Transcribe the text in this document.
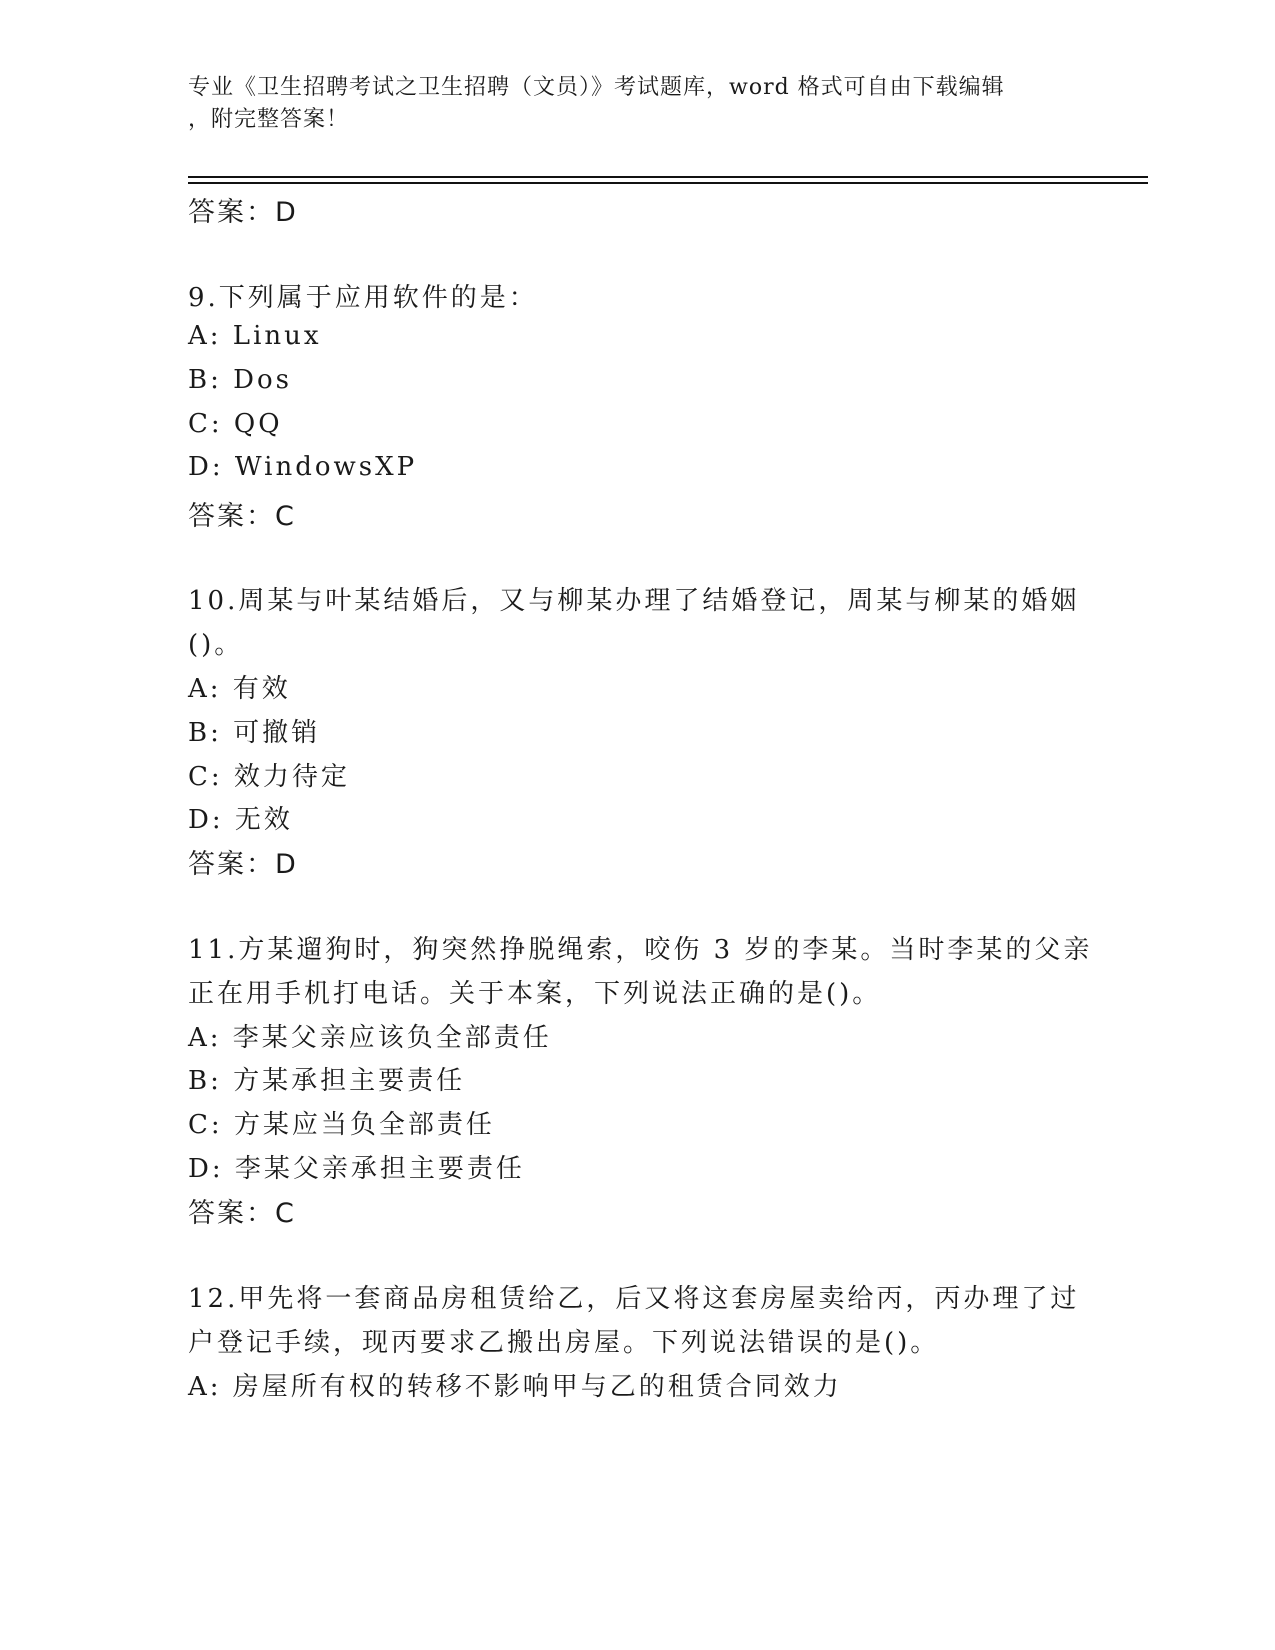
专业《卫生招聘考试之卫生招聘（文员）》考试题库，word 格式可自由下载编辑
，附完整答案！
答案：D
9.下列属于应用软件的是：
A: Linux
B: Dos
C: QQ
D: WindowsXP
答案：C
10.周某与叶某结婚后，又与柳某办理了结婚登记，周某与柳某的婚姻
()。
A: 有效
B: 可撤销
C: 效力待定
D: 无效
答案：D
11.方某遛狗时，狗突然挣脱绳索，咬伤 3 岁的李某。当时李某的父亲
正在用手机打电话。关于本案，下列说法正确的是()。
A: 李某父亲应该负全部责任
B: 方某承担主要责任
C: 方某应当负全部责任
D: 李某父亲承担主要责任
答案：C
12.甲先将一套商品房租赁给乙，后又将这套房屋卖给丙，丙办理了过
户登记手续，现丙要求乙搬出房屋。下列说法错误的是()。
A: 房屋所有权的转移不影响甲与乙的租赁合同效力
